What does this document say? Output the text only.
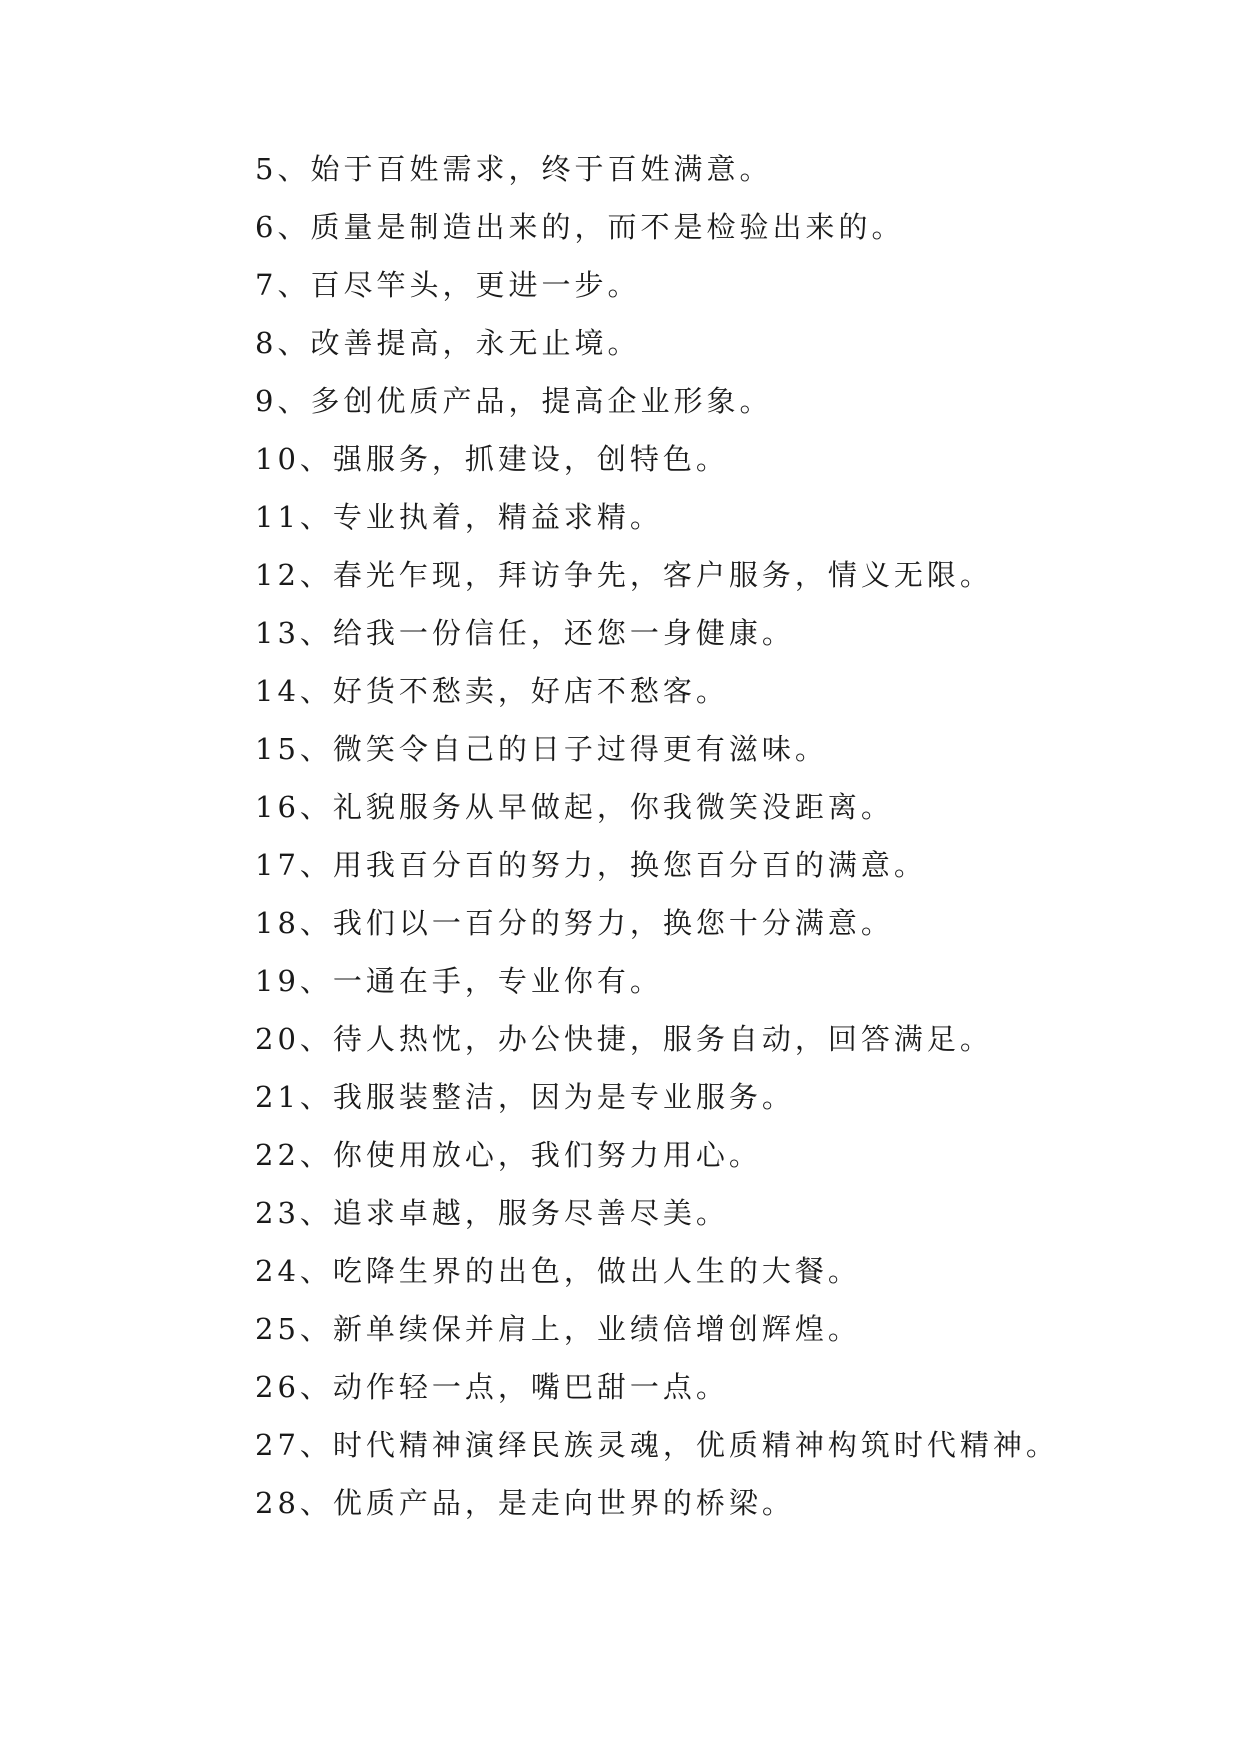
5、始于百姓需求，终于百姓满意。
6、质量是制造出来的，而不是检验出来的。
7、百尽竿头，更进一步。
8、改善提高，永无止境。
9、多创优质产品，提高企业形象。
10、强服务，抓建设，创特色。
11、专业执着，精益求精。
12、春光乍现，拜访争先，客户服务，情义无限。
13、给我一份信任，还您一身健康。
14、好货不愁卖，好店不愁客。
15、微笑令自己的日子过得更有滋味。
16、礼貌服务从早做起，你我微笑没距离。
17、用我百分百的努力，换您百分百的满意。
18、我们以一百分的努力，换您十分满意。
19、一通在手，专业你有。
20、待人热忱，办公快捷，服务自动，回答满足。
21、我服装整洁，因为是专业服务。
22、你使用放心，我们努力用心。
23、追求卓越，服务尽善尽美。
24、吃降生界的出色，做出人生的大餐。
25、新单续保并肩上，业绩倍增创辉煌。
26、动作轻一点，嘴巴甜一点。
27、时代精神演绎民族灵魂，优质精神构筑时代精神。
28、优质产品，是走向世界的桥梁。
